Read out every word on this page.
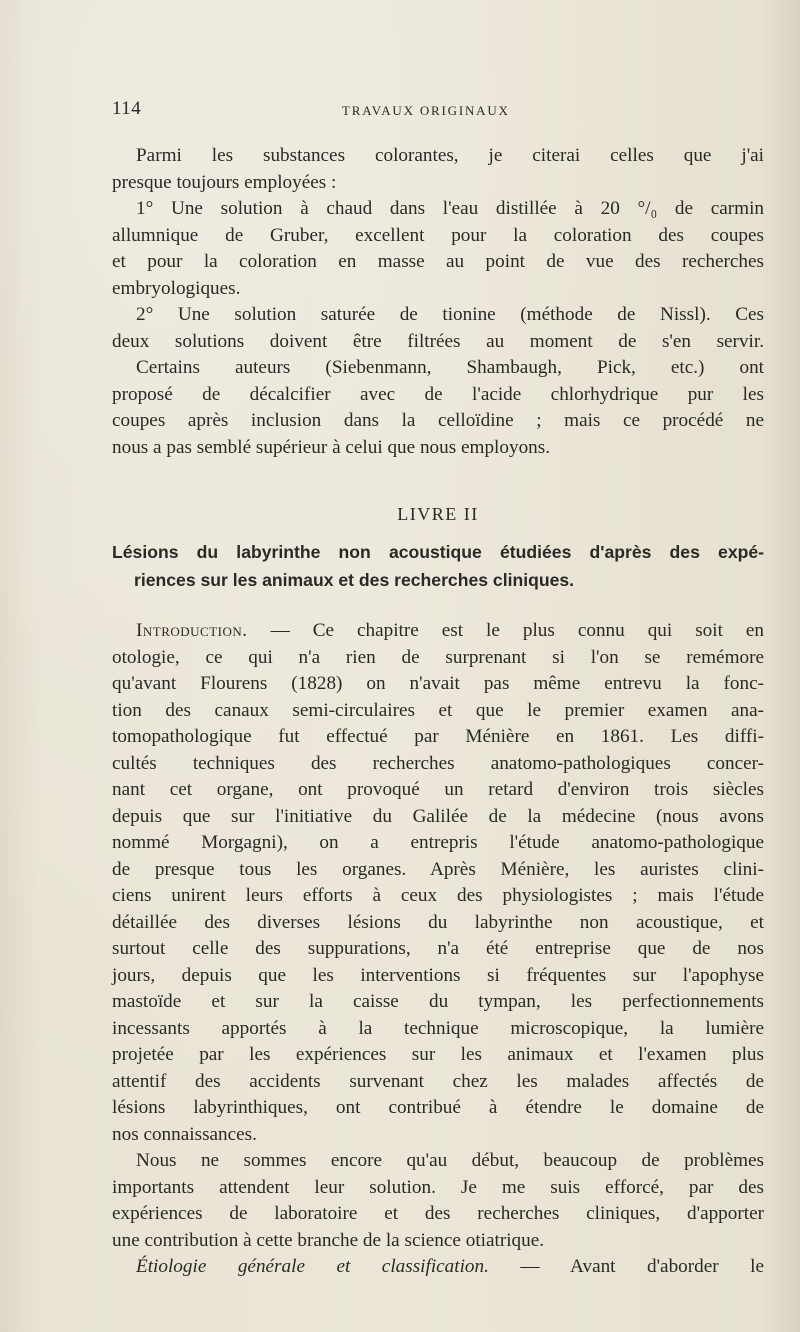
114	TRAVAUX ORIGINAUX
Parmi les substances colorantes, je citerai celles que j'ai
presque toujours employées :
1° Une solution à chaud dans l'eau distillée à 20 °/₀ de carmin
allumnique de Gruber, excellent pour la coloration des coupes
et pour la coloration en masse au point de vue des recherches
embryologiques.
2° Une solution saturée de tionine (méthode de Nissl). Ces
deux solutions doivent être filtrées au moment de s'en servir.
Certains auteurs (Siebenmann, Shambaugh, Pick, etc.) ont
proposé de décalcifier avec de l'acide chlorhydrique pur les
coupes après inclusion dans la celloïdine ; mais ce procédé ne
nous a pas semblé supérieur à celui que nous employons.
LIVRE II
Lésions du labyrinthe non acoustique étudiées d'après des expé-
riences sur les animaux et des recherches cliniques.
Introduction. — Ce chapitre est le plus connu qui soit en
otologie, ce qui n'a rien de surprenant si l'on se remémore
qu'avant Flourens (1828) on n'avait pas même entrevu la fonc-
tion des canaux semi-circulaires et que le premier examen ana-
tomopathologique fut effectué par Ménière en 1861. Les diffi-
cultés techniques des recherches anatomo-pathologiques concer-
nant cet organe, ont provoqué un retard d'environ trois siècles
depuis que sur l'initiative du Galilée de la médecine (nous avons
nommé Morgagni), on a entrepris l'étude anatomo-pathologique
de presque tous les organes. Après Ménière, les auristes clini-
ciens unirent leurs efforts à ceux des physiologistes ; mais l'étude
détaillée des diverses lésions du labyrinthe non acoustique, et
surtout celle des suppurations, n'a été entreprise que de nos
jours, depuis que les interventions si fréquentes sur l'apophyse
mastoïde et sur la caisse du tympan, les perfectionnements
incessants apportés à la technique microscopique, la lumière
projetée par les expériences sur les animaux et l'examen plus
attentif des accidents survenant chez les malades affectés de
lésions labyrinthiques, ont contribué à étendre le domaine de
nos connaissances.
Nous ne sommes encore qu'au début, beaucoup de problèmes
importants attendent leur solution. Je me suis efforcé, par des
expériences de laboratoire et des recherches cliniques, d'apporter
une contribution à cette branche de la science otiatrique.
Étiologie générale et classification. — Avant d'aborder le
